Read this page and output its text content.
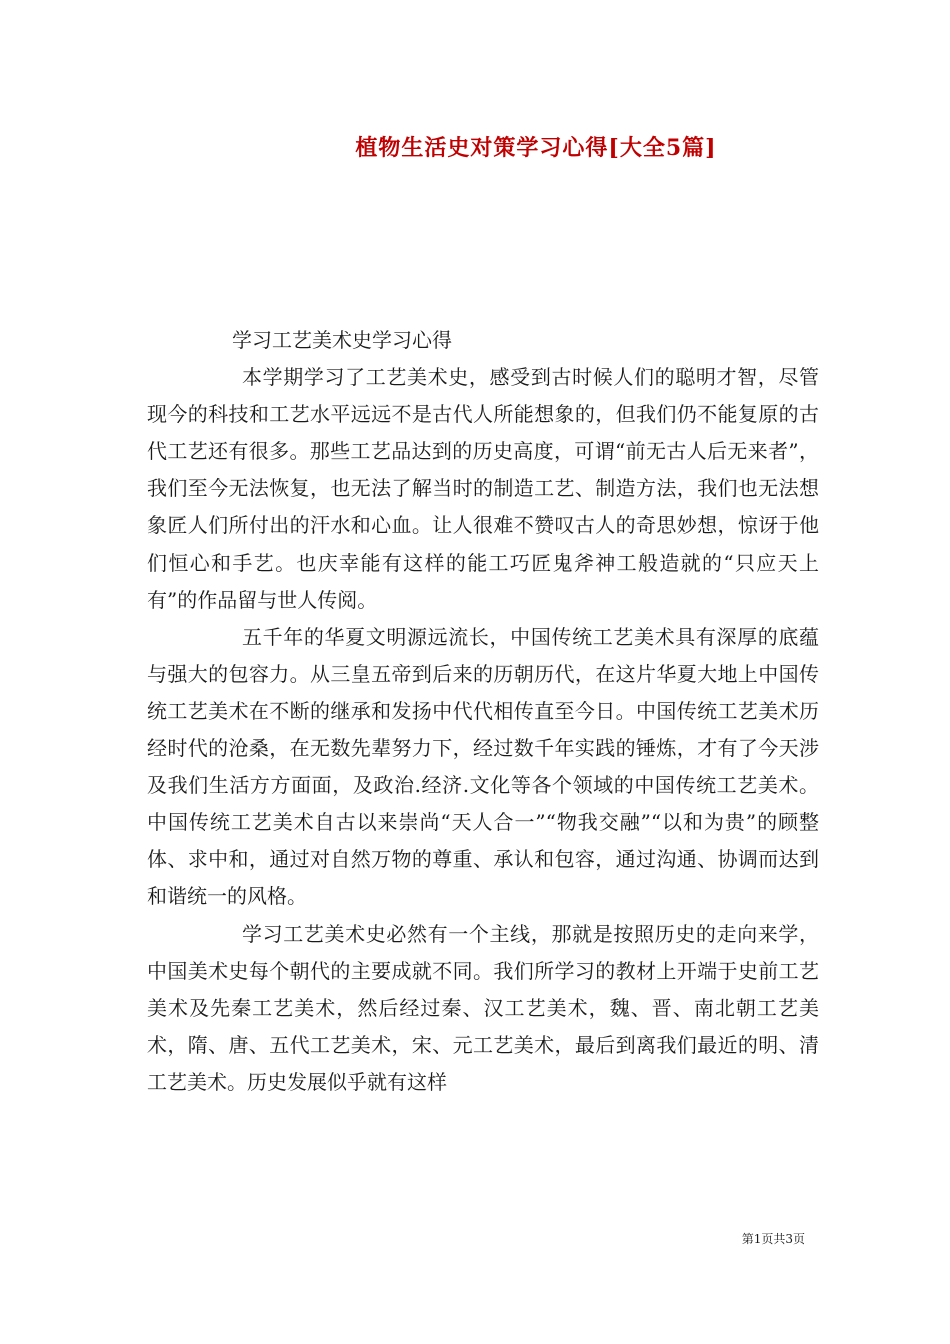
植物生活史对策学习心得[大全5篇]

学习工艺美术史学习心得

本学期学习了工艺美术史，感受到古时候人们的聪明才智，尽管现今的科技和工艺水平远远不是古代人所能想象的，但我们仍不能复原的古代工艺还有很多。那些工艺品达到的历史高度，可谓“前无古人后无来者”，我们至今无法恢复，也无法了解当时的制造工艺、制造方法，我们也无法想象匠人们所付出的汗水和心血。让人很难不赞叹古人的奇思妙想，惊讶于他们恒心和手艺。也庆幸能有这样的能工巧匠鬼斧神工般造就的“只应天上有”的作品留与世人传阅。

五千年的华夏文明源远流长，中国传统工艺美术具有深厚的底蕴与强大的包容力。从三皇五帝到后来的历朝历代，在这片华夏大地上中国传统工艺美术在不断的继承和发扬中代代相传直至今日。中国传统工艺美术历经时代的沧桑，在无数先辈努力下，经过数千年实践的锤炼，才有了今天涉及我们生活方方面面，及政治.经济.文化等各个领域的中国传统工艺美术。中国传统工艺美术自古以来崇尚“天人合一”“物我交融”“以和为贵”的顾整体、求中和，通过对自然万物的尊重、承认和包容，通过沟通、协调而达到和谐统一的风格。

学习工艺美术史必然有一个主线，那就是按照历史的走向来学，中国美术史每个朝代的主要成就不同。我们所学习的教材上开端于史前工艺美术及先秦工艺美术，然后经过秦、汉工艺美术，魏、晋、南北朝工艺美术，隋、唐、五代工艺美术，宋、元工艺美术，最后到离我们最近的明、清工艺美术。历史发展似乎就有这样

第1页共3页
